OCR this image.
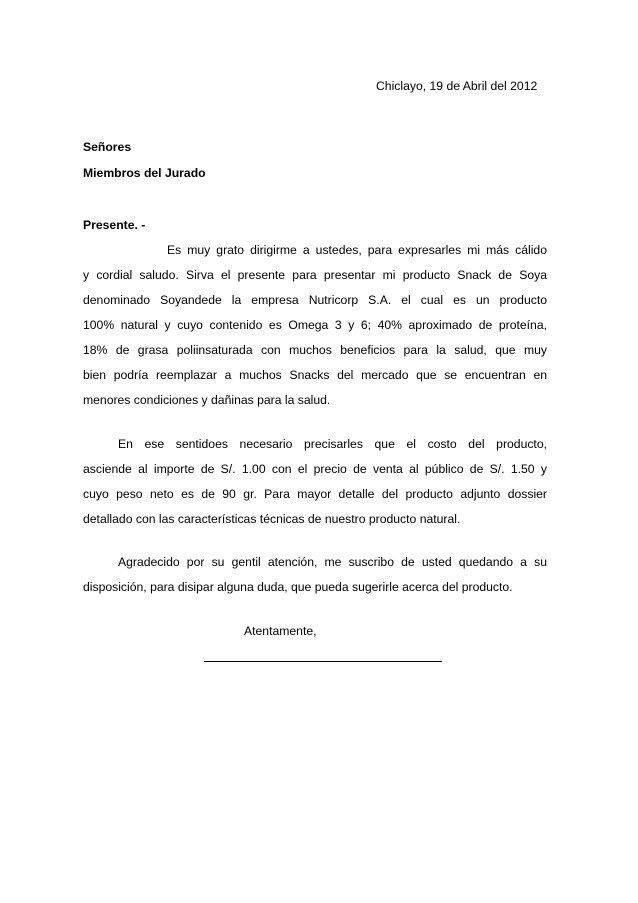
Chiclayo, 19 de Abril del 2012
Señores
Miembros del Jurado
Presente. -
Es muy grato dirigirme a ustedes, para expresarles mi más cálido
y cordial saludo. Sirva el presente para presentar mi producto Snack de Soya
denominado Soyandede la empresa Nutricorp S.A. el cual es un producto
100% natural y cuyo contenido es Omega 3 y 6; 40% aproximado de proteína,
18% de grasa poliinsaturada con muchos beneficios para la salud, que muy
bien podría reemplazar a muchos Snacks del mercado que se encuentran en
menores condiciones y dañinas para la salud.
En ese sentidoes necesario precisarles que el costo del producto,
asciende al importe de S/. 1.00 con el precio de venta al público de S/. 1.50 y
cuyo peso neto es de 90 gr. Para mayor detalle del producto adjunto dossier
detallado con las características técnicas de nuestro producto natural.
Agradecido por su gentil atención, me suscribo de usted quedando a su
disposición, para disipar alguna duda, que pueda sugerirle acerca del producto.
Atentamente,
